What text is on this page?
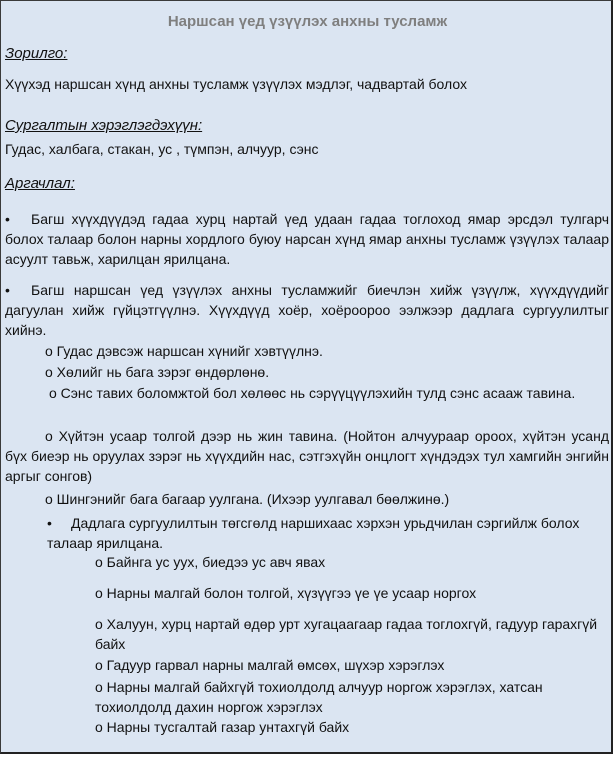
Наршсан үед үзүүлэх анхны тусламж
Зорилго:
Хүүхэд наршсан хүнд анхны тусламж үзүүлэх мэдлэг, чадвартай болох
Сургалтын хэрэглэгдэхүүн:
Гудас, халбага, стакан, ус , түмпэн, алчуур, сэнс
Аргачлал:
• Багш хүүхдүүдэд гадаа хурц нартай үед удаан гадаа тоглоход ямар эрсдэл тулгарч болох талаар болон нарны хордлого буюу нарсан хүнд ямар анхны тусламж үзүүлэх талаар асуулт тавьж, харилцан ярилцана.
• Багш наршсан үед үзүүлэх анхны тусламжийг биечлэн хийж үзүүлж, хүүхдүүдийг дагуулан хийж гүйцэтгүүлнэ. Хүүхдүүд хоёр, хоёроороо ээлжээр дадлага сургуулилтыг хийнэ.
о Гудас дэвсэж наршсан хүнийг хэвтүүлнэ.
о Хөлийг нь бага зэрэг өндөрлөнө.
о Сэнс тавих боломжтой бол хөлөөс нь сэрүүцүүлэхийн тулд сэнс асааж тавина.
о Хүйтэн усаар толгой дээр нь жин тавина. (Нойтон алчуураар ороох, хүйтэн усанд бүх биеэр нь оруулах зэрэг нь хүүхдийн нас, сэтгэхүйн онцлогт хүндэдэх тул хамгийн энгийн аргыг сонгов)
о Шингэнийг бага багаар уулгана. (Ихээр уулгавал бөөлжинө.)
• Дадлага сургуулилтын төгсгөлд наршихаас хэрхэн урьдчилан сэргийлж болох талаар ярилцана.
о Байнга ус уух, биедээ ус авч явах
о Нарны малгай болон толгой, хүзүүгээ үе үе усаар норгох
о Халуун, хурц нартай өдөр урт хугацаагаар гадаа тоглохгүй, гадуур гарахгүй байх
о Гадуур гарвал нарны малгай өмсөх, шүхэр хэрэглэх
о Нарны малгай байхгүй тохиолдолд алчуур норгож хэрэглэх, хатсан тохиолдолд дахин норгож хэрэглэх
о Нарны тусгалтай газар унтахгүй байх
